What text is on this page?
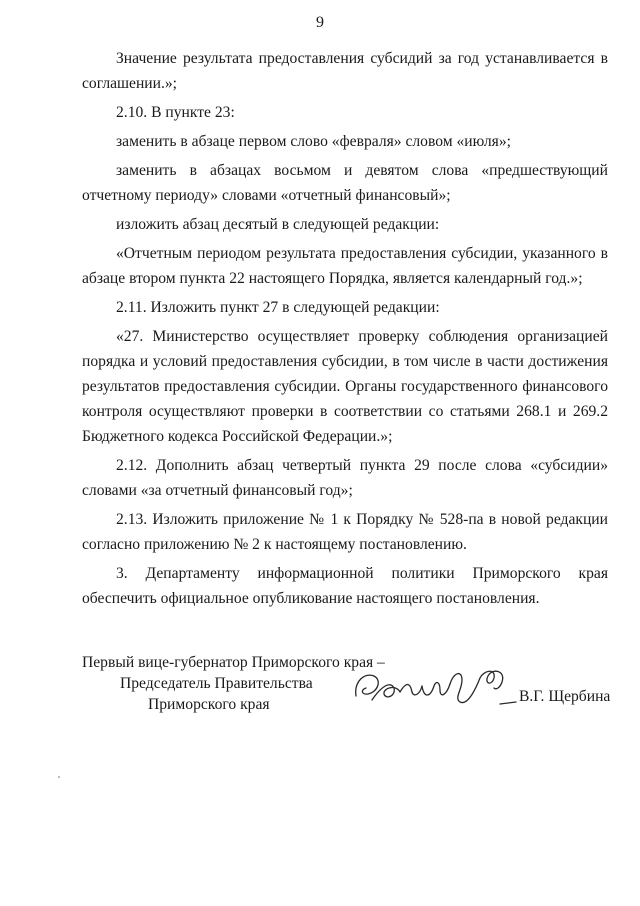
9

Значение результата предоставления субсидий за год устанавливается в соглашении.»;

2.10. В пункте 23:

заменить в абзаце первом слово «февраля» словом «июля»;

заменить в абзацах восьмом и девятом слова «предшествующий отчетному периоду» словами «отчетный финансовый»;

изложить абзац десятый в следующей редакции:

«Отчетным периодом результата предоставления субсидии, указанного в абзаце втором пункта 22 настоящего Порядка, является календарный год.»;

2.11. Изложить пункт 27 в следующей редакции:

«27. Министерство осуществляет проверку соблюдения организацией порядка и условий предоставления субсидии, в том числе в части достижения результатов предоставления субсидии. Органы государственного финансового контроля осуществляют проверки в соответствии со статьями 268.1 и 269.2 Бюджетного кодекса Российской Федерации.»;

2.12. Дополнить абзац четвертый пункта 29 после слова «субсидии» словами «за отчетный финансовый год»;

2.13. Изложить приложение № 1 к Порядку № 528-па в новой редакции согласно приложению № 2 к настоящему постановлению.

3. Департаменту информационной политики Приморского края обеспечить официальное опубликование настоящего постановления.

Первый вице-губернатор Приморского края –
Председатель Правительства
Приморского края	В.Г. Щербина
